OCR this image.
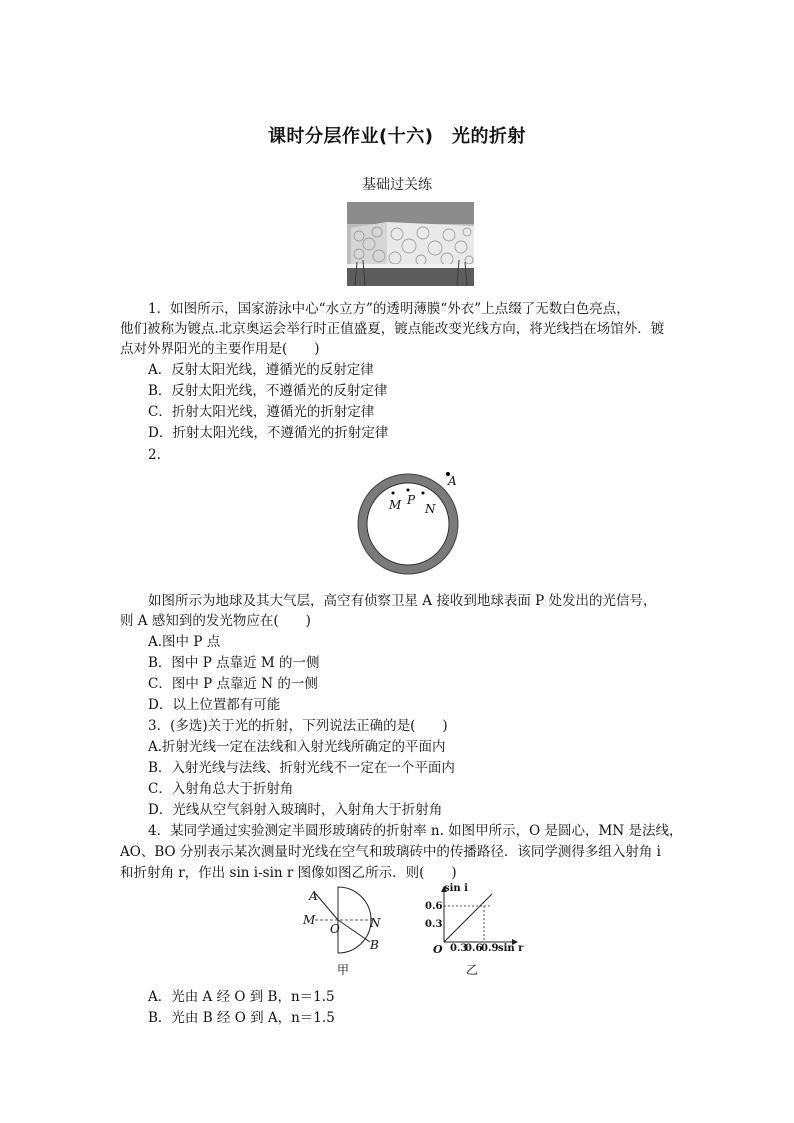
课时分层作业(十六)　光的折射
基础过关练
1．如图所示，国家游泳中心“水立方”的透明薄膜“外衣”上点缀了无数白色亮点，
他们被称为镀点.北京奥运会举行时正值盛夏，镀点能改变光线方向，将光线挡在场馆外．镀
点对外界阳光的主要作用是(　　)
A．反射太阳光线，遵循光的反射定律
B．反射太阳光线，不遵循光的反射定律
C．折射太阳光线，遵循光的折射定律
D．折射太阳光线，不遵循光的折射定律
2.
A
M P
N
如图所示为地球及其大气层，高空有侦察卫星 A 接收到地球表面 P 处发出的光信号，
则 A 感知到的发光物应在(　　)
A.图中 P 点
B．图中 P 点靠近 M 的一侧
C．图中 P 点靠近 N 的一侧
D．以上位置都有可能
3．(多选)关于光的折射，下列说法正确的是(　　)
A.折射光线一定在法线和入射光线所确定的平面内
B．入射光线与法线、折射光线不一定在一个平面内
C．入射角总大于折射角
D．光线从空气斜射入玻璃时，入射角大于折射角
4．某同学通过实验测定半圆形玻璃砖的折射率 n. 如图甲所示，O 是圆心，MN 是法线，
AO、BO 分别表示某次测量时光线在空气和玻璃砖中的传播路径．该同学测得多组入射角 i
和折射角 r，作出 sin i-sin r 图像如图乙所示．则(　　)
A
M
O	N
B
甲
sin i
0.6
0.3
O 0.3
0.6
0.9 sin r
乙
A．光由 A 经 O 到 B，n＝1.5
B．光由 B 经 O 到 A，n＝1.5
